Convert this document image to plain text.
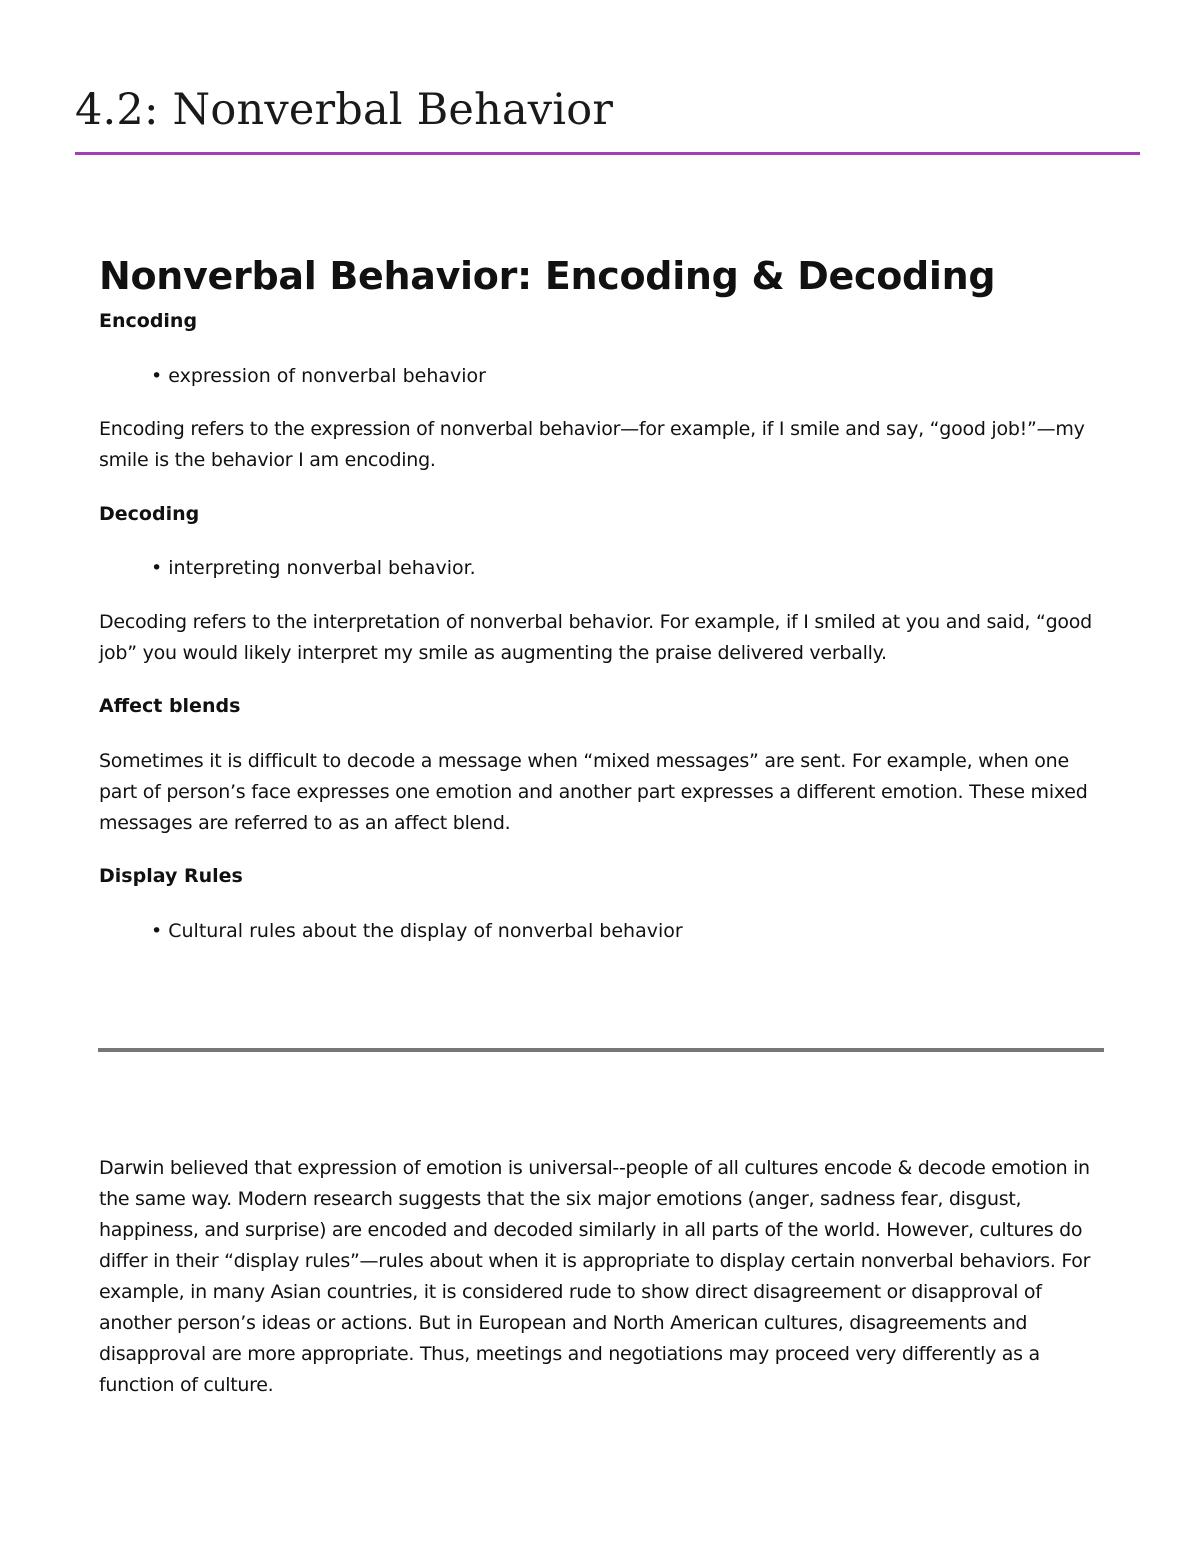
4.2: Nonverbal Behavior
Nonverbal Behavior: Encoding & Decoding

Encoding

• expression of nonverbal behavior

Encoding refers to the expression of nonverbal behavior—for example, if I smile and say, “good job!”—my smile is the behavior I am encoding.

Decoding

• interpreting nonverbal behavior.

Decoding refers to the interpretation of nonverbal behavior. For example, if I smiled at you and said, “good job” you would likely interpret my smile as augmenting the praise delivered verbally.

Affect blends

Sometimes it is difficult to decode a message when “mixed messages” are sent. For example, when one part of person’s face expresses one emotion and another part expresses a different emotion. These mixed messages are referred to as an affect blend.

Display Rules

• Cultural rules about the display of nonverbal behavior

Darwin believed that expression of emotion is universal--people of all cultures encode & decode emotion in the same way. Modern research suggests that the six major emotions (anger, sadness fear, disgust, happiness, and surprise) are encoded and decoded similarly in all parts of the world. However, cultures do differ in their “display rules”—rules about when it is appropriate to display certain nonverbal behaviors. For example, in many Asian countries, it is considered rude to show direct disagreement or disapproval of another person’s ideas or actions. But in European and North American cultures, disagreements and disapproval are more appropriate. Thus, meetings and negotiations may proceed very differently as a function of culture.
